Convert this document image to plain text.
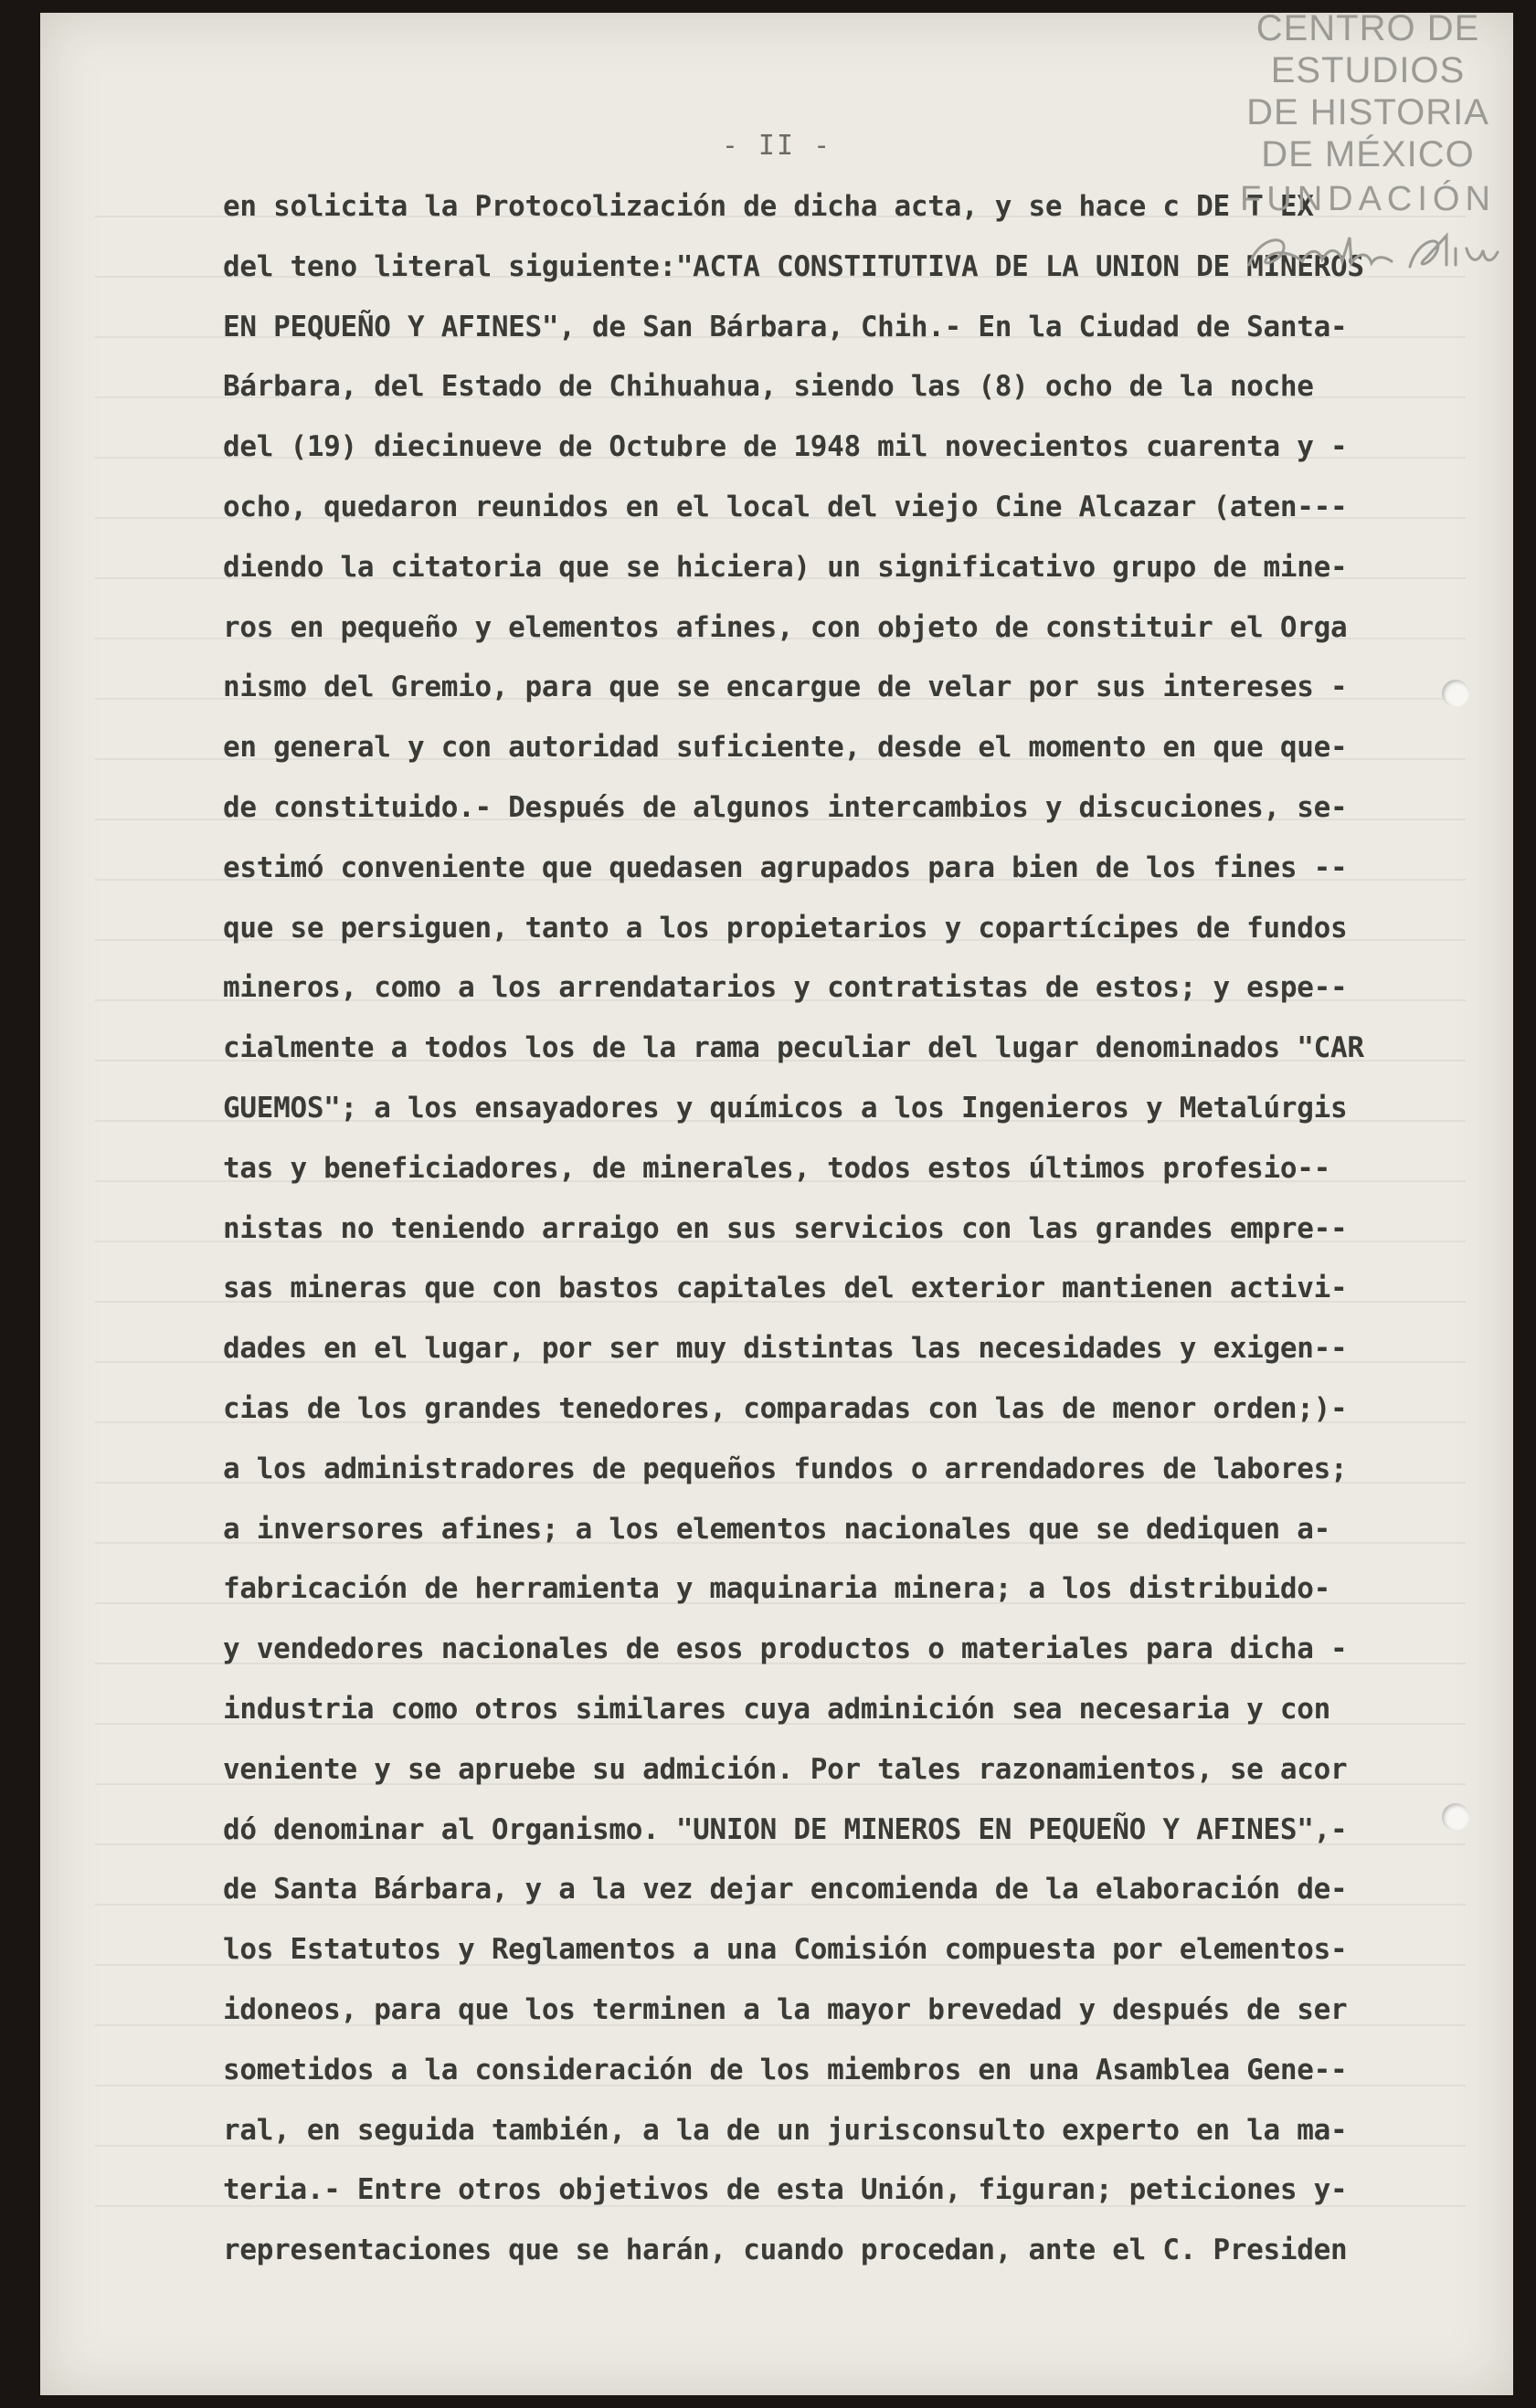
- II -
en solicita la Protocolización de dicha acta, y se hace c DE T EX
del teno literal siguiente:"ACTA CONSTITUTIVA DE LA UNION DE MINEROS
EN PEQUEÑO Y AFINES", de San Bárbara, Chih.- En la Ciudad de Santa-
Bárbara, del Estado de Chihuahua, siendo las (8) ocho de la noche
del (19) diecinueve de Octubre de 1948 mil novecientos cuarenta y -
ocho, quedaron reunidos en el local del viejo Cine Alcazar (aten---
diendo la citatoria que se hiciera) un significativo grupo de mine-
ros en pequeño y elementos afines, con objeto de constituir el Orga
nismo del Gremio, para que se encargue de velar por sus intereses -
en general y con autoridad suficiente, desde el momento en que que-
de constituido.- Después de algunos intercambios y discuciones, se-
estimó conveniente que quedasen agrupados para bien de los fines --
que se persiguen, tanto a los propietarios y copartícipes de fundos
mineros, como a los arrendatarios y contratistas de estos; y espe--
cialmente a todos los de la rama peculiar del lugar denominados "CAR
GUEMOS"; a los ensayadores y químicos a los Ingenieros y Metalúrgis
tas y beneficiadores, de minerales, todos estos últimos profesio--
nistas no teniendo arraigo en sus servicios con las grandes empre--
sas mineras que con bastos capitales del exterior mantienen activi-
dades en el lugar, por ser muy distintas las necesidades y exigen--
cias de los grandes tenedores, comparadas con las de menor orden;)-
a los administradores de pequeños fundos o arrendadores de labores;
a inversores afines; a los elementos nacionales que se dediquen a-
fabricación de herramienta y maquinaria minera; a los distribuido-
y vendedores nacionales de esos productos o materiales para dicha -
industria como otros similares cuya adminición sea necesaria y con
veniente y se apruebe su admición. Por tales razonamientos, se acor
dó denominar al Organismo. "UNION DE MINEROS EN PEQUEÑO Y AFINES",-
de Santa Bárbara, y a la vez dejar encomienda de la elaboración de-
los Estatutos y Reglamentos a una Comisión compuesta por elementos-
idoneos, para que los terminen a la mayor brevedad y después de ser
sometidos a la consideración de los miembros en una Asamblea Gene--
ral, en seguida también, a la de un jurisconsulto experto en la ma-
teria.- Entre otros objetivos de esta Unión, figuran; peticiones y-
representaciones que se harán, cuando procedan, ante el C. Presiden
CENTRO DE
ESTUDIOS
DE HISTORIA
DE MÉXICO
FUNDACIÓN
